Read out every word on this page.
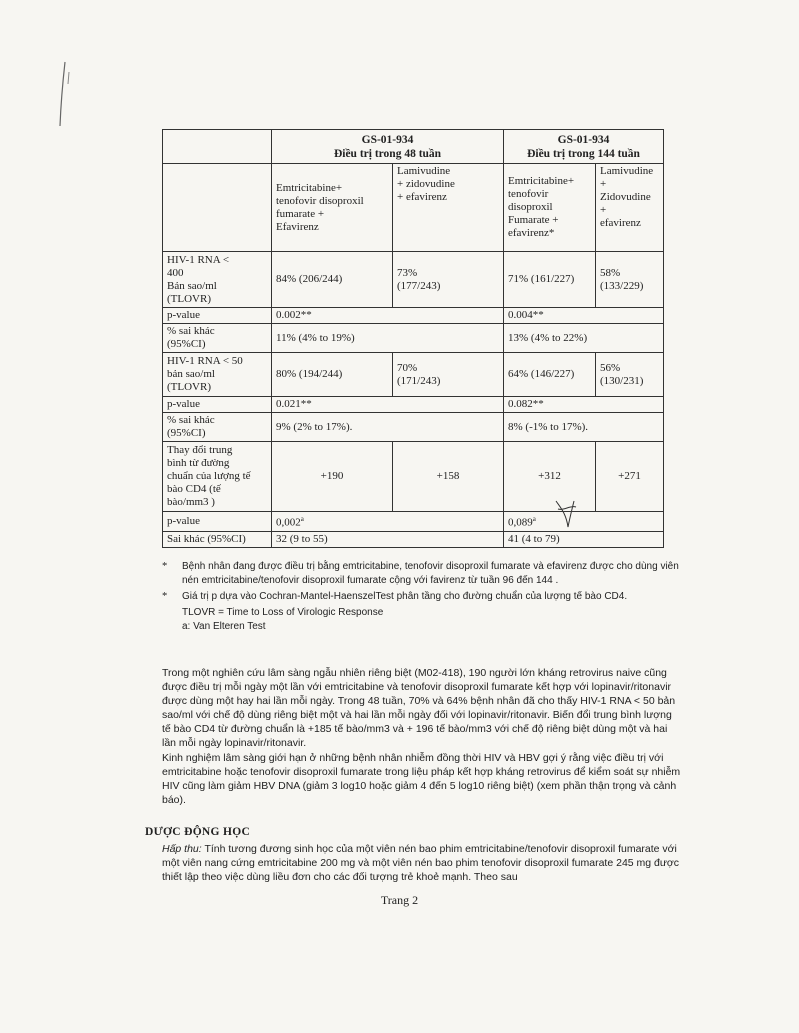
	GS-01-934
Điều trị trong 48 tuần		GS-01-934
Điều trị trong 144 tuần	
	Emtricitabine+
tenofovir disoproxil
fumarate +
Efavirenz	Lamivudine
+ zidovudine
+ efavirenz	Emtricitabine+
tenofovir
disoproxil
Fumarate +
efavirenz*	Lamivudine +
Zidovudine +
efavirenz
HIV-1 RNA <
400
Bản sao/ml
(TLOVR)	84% (206/244)	73%
(177/243)	71% (161/227)	58% (133/229)
p-value	0.002**		0.004**	
% sai khác
(95%CI)	11% (4% to 19%)		13% (4% to 22%)	
HIV-1 RNA < 50
bản sao/ml
(TLOVR)	80% (194/244)	70%
(171/243)	64% (146/227)	56%
(130/231)
p-value	0.021**		0.082**	
% sai khác
(95%CI)	9% (2% to 17%).		8% (-1% to 17%).	
Thay đổi trung
bình từ đường
chuẩn của lượng tế
bào CD4 (tế
bào/mm3 )	+190	+158	+312	+271
p-value	0,002$^a$		0,089$^a$
Sai khác (95%CI)	32 (9 to 55)		41 (4 to 79)	
*	Bệnh nhân đang được điều trị bằng emtricitabine, tenofovir disoproxil fumarate và efavirenz được cho dùng viên nén emtricitabine/tenofovir disoproxil fumarate cộng với favirenz từ tuần 96 đến 144 .
*	Giá trị p dựa vào Cochran-Mantel-HaenszelTest phân tầng cho đường chuẩn của lượng tế bào CD4.
TLOVR = Time to Loss of Virologic Response
a: Van Elteren Test
Trong một nghiên cứu lâm sàng ngẫu nhiên riêng biệt (M02-418), 190 người lớn kháng retrovirus naive cũng được điều trị mỗi ngày một lần với emtricitabine và tenofovir disoproxil fumarate kết hợp với lopinavir/ritonavir được dùng một hay hai lần mỗi ngày. Trong 48 tuần, 70% và 64% bệnh nhân đã cho thấy HIV-1 RNA < 50 bản sao/ml với chế độ dùng riêng biệt một và hai lần mỗi ngày đối với lopinavir/ritonavir. Biến đổi trung bình lượng tế bào CD4 từ đường chuẩn là +185 tế bào/mm3 và + 196 tế bào/mm3 với chế độ riêng biệt dùng một và hai lần mỗi ngày lopinavir/ritonavir.
Kinh nghiệm lâm sàng giới hạn ở những bệnh nhân nhiễm đồng thời HIV và HBV gợi ý rằng việc điều trị với emtricitabine hoặc tenofovir disoproxil fumarate trong liệu pháp kết hợp kháng retrovirus để kiểm soát sự nhiễm HIV cũng làm giảm HBV DNA (giảm 3 log10 hoặc giảm 4 đến 5 log10 riêng biệt) (xem phần thận trọng và cảnh báo).
DƯỢC ĐỘNG HỌC
Hấp thu: Tính tương đương sinh học của một viên nén bao phim emtricitabine/tenofovir disoproxil fumarate với một viên nang cứng emtricitabine 200 mg và một viên nén bao phim tenofovir disoproxil fumarate 245 mg được thiết lập theo việc dùng liều đơn cho các đối tượng trẻ khoẻ mạnh. Theo sau
Trang 2
